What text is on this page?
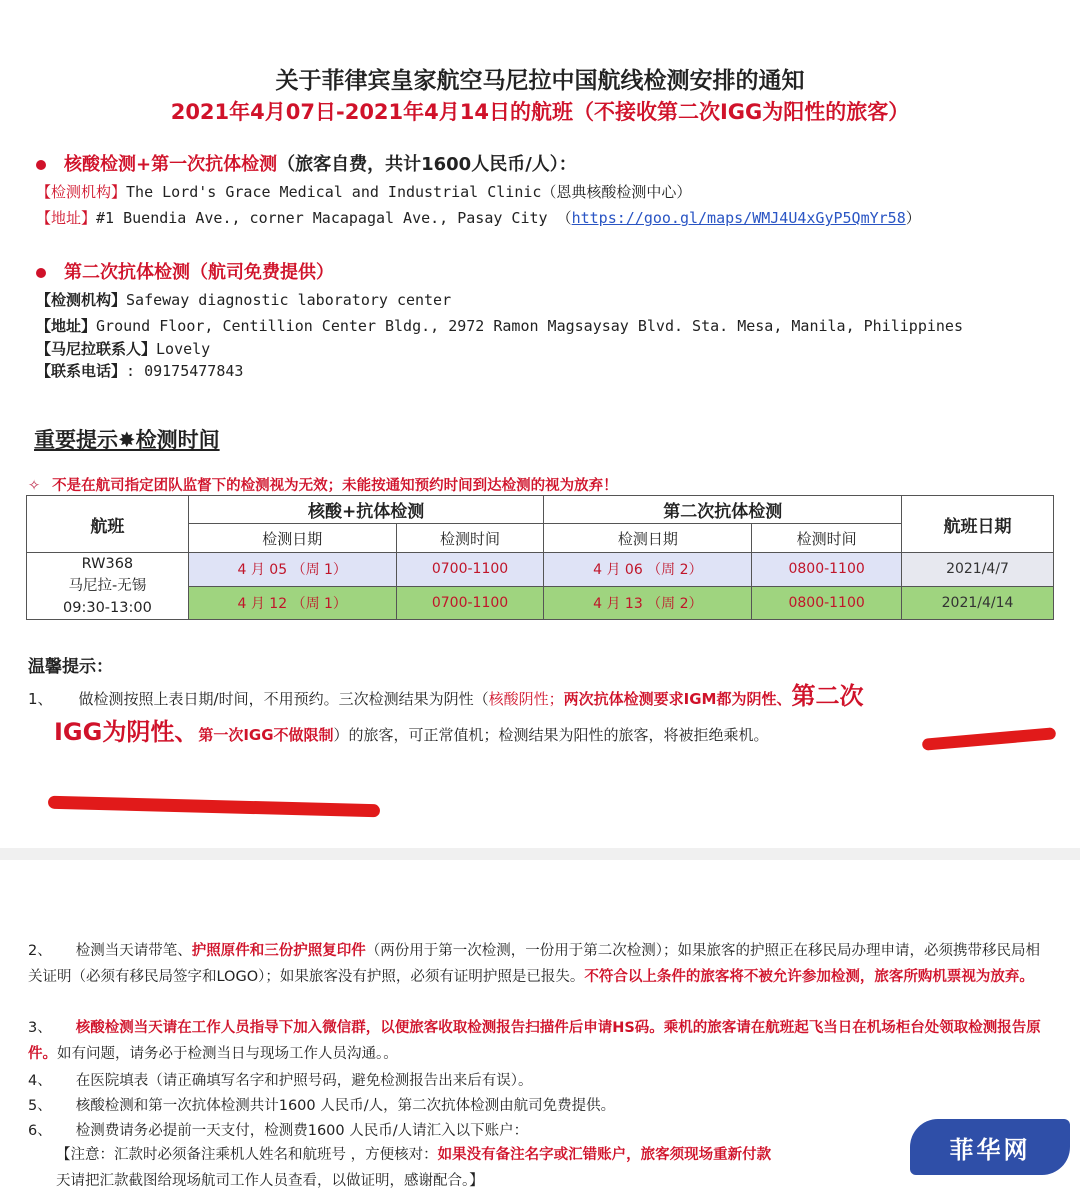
关于菲律宾皇家航空马尼拉中国航线检测安排的通知
2021年4月07日-2021年4月14日的航班（不接收第二次IGG为阳性的旅客）
核酸检测+第一次抗体检测（旅客自费，共计1600人民币/人）：
【检测机构】The Lord's Grace Medical and Industrial Clinic（恩典核酸检测中心）
【地址】#1 Buendia Ave., corner Macapagal Ave., Pasay City （https://goo.gl/maps/WMJ4U4xGyP5QmYr58）
第二次抗体检测（航司免费提供）
【检测机构】Safeway diagnostic laboratory center
【地址】Ground Floor, Centillion Center Bldg., 2972 Ramon Magsaysay Blvd. Sta. Mesa, Manila, Philippines
【马尼拉联系人】Lovely
【联系电话】: 09175477843
重要提示✸检测时间
✧ 不是在航司指定团队监督下的检测视为无效；未能按通知预约时间到达检测的视为放弃！
航班	核酸+抗体检测		第二次抗体检测		航班日期
	检测日期	检测时间	检测日期	检测时间	

RW368
马尼拉-无锡
09:30-13:00	4 月 05 （周 1）	0700-1100	4 月 06 （周 2）	0800-1100	2021/4/7
	4 月 12 （周 1）	0700-1100	4 月 13 （周 2）	0800-1100	2021/4/14
温馨提示：
1、 做检测按照上表日期/时间，不用预约。三次检测结果为阴性（核酸阴性；两次抗体检测要求IGM都为阴性、第二次
IGG为阴性、第一次IGG不做限制）的旅客，可正常值机；检测结果为阳性的旅客，将被拒绝乘机。
2、 检测当天请带笔、护照原件和三份护照复印件（两份用于第一次检测，一份用于第二次检测）；如果旅客的护照正在移民局办理申请，必须携带移民局相关证明（必须有移民局签字和LOGO）；如果旅客没有护照，必须有证明护照是已报失。不符合以上条件的旅客将不被允许参加检测，旅客所购机票视为放弃。
3、 核酸检测当天请在工作人员指导下加入微信群，以便旅客收取检测报告扫描件后申请HS码。乘机的旅客请在航班起飞当日在机场柜台处领取检测报告原件。如有问题，请务必于检测当日与现场工作人员沟通。。
4、 在医院填表（请正确填写名字和护照号码，避免检测报告出来后有误）。
5、 核酸检测和第一次抗体检测共计1600 人民币/人，第二次抗体检测由航司免费提供。
6、 检测费请务必提前一天支付，检测费1600 人民币/人请汇入以下账户：
【注意：汇款时必须备注乘机人姓名和航班号 ，方便核对：如果没有备注名字或汇错账户，旅客须现场重新付款
天请把汇款截图给现场航司工作人员查看，以做证明，感谢配合。】
菲华网
